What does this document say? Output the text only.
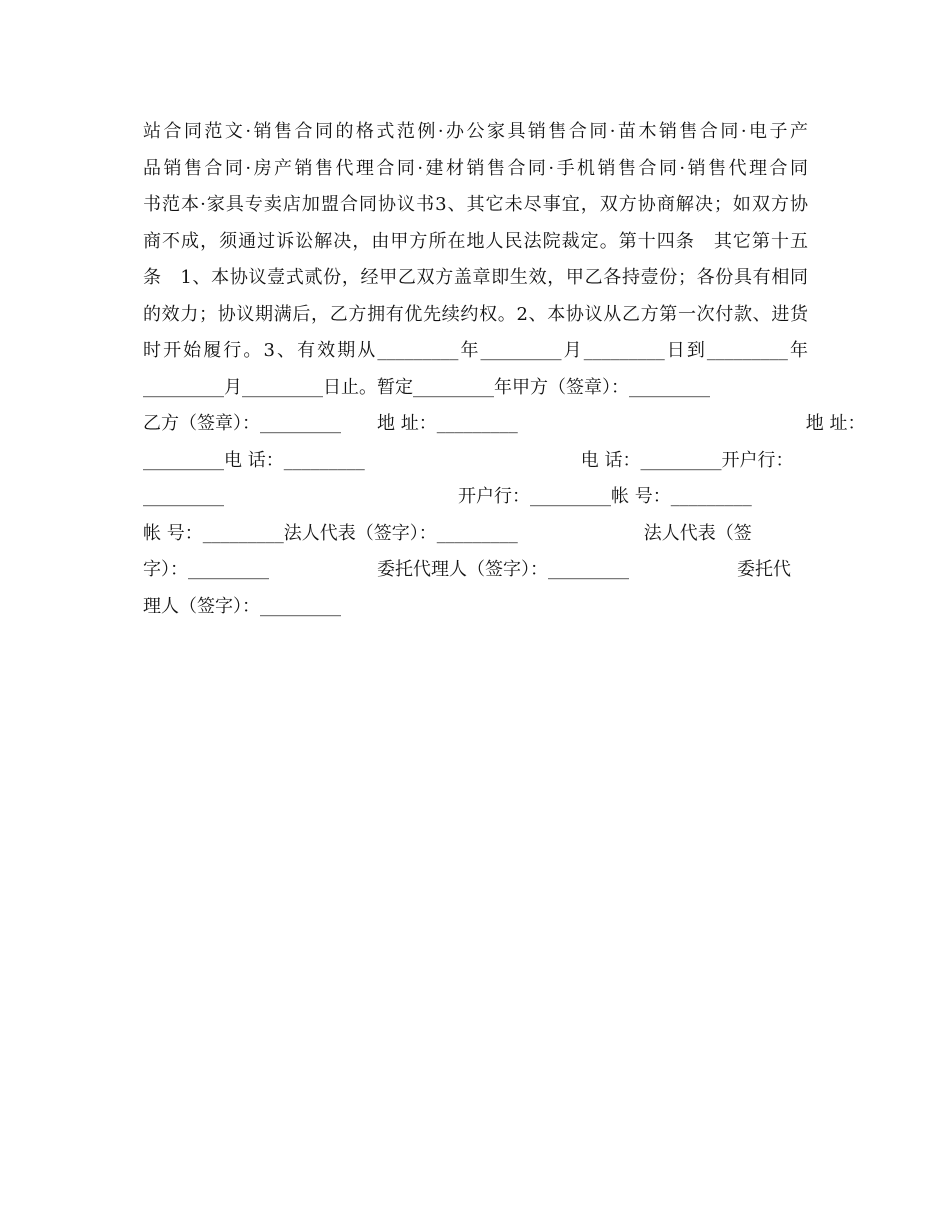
站合同范文·销售合同的格式范例·办公家具销售合同·苗木销售合同·电子产
品销售合同·房产销售代理合同·建材销售合同·手机销售合同·销售代理合同
书范本·家具专卖店加盟合同协议书3、其它未尽事宜，双方协商解决；如双方协
商不成，须通过诉讼解决，由甲方所在地人民法院裁定。第十四条　其它第十五
条　1、本协议壹式贰份，经甲乙双方盖章即生效，甲乙各持壹份；各份具有相同
的效力；协议期满后，乙方拥有优先续约权。2、本协议从乙方第一次付款、进货
时开始履行。3、有效期从_________年_________月_________日到_________年
_________月_________日止。暂定_________年甲方（签章）：_________
乙方（签章）：_________　　地 址：_________　　　　　　　　　　　　　　　　地 址：
_________电 话：_________　　　　　　　　　　　　电 话：_________开户行：
_________　　　　　　　　　　　　　开户行：_________帐 号：_________
帐 号：_________法人代表（签字）：_________　　　　　　　法人代表（签
字）：_________　　　　　　委托代理人（签字）：_________　　　　　　委托代
理人（签字）：_________
